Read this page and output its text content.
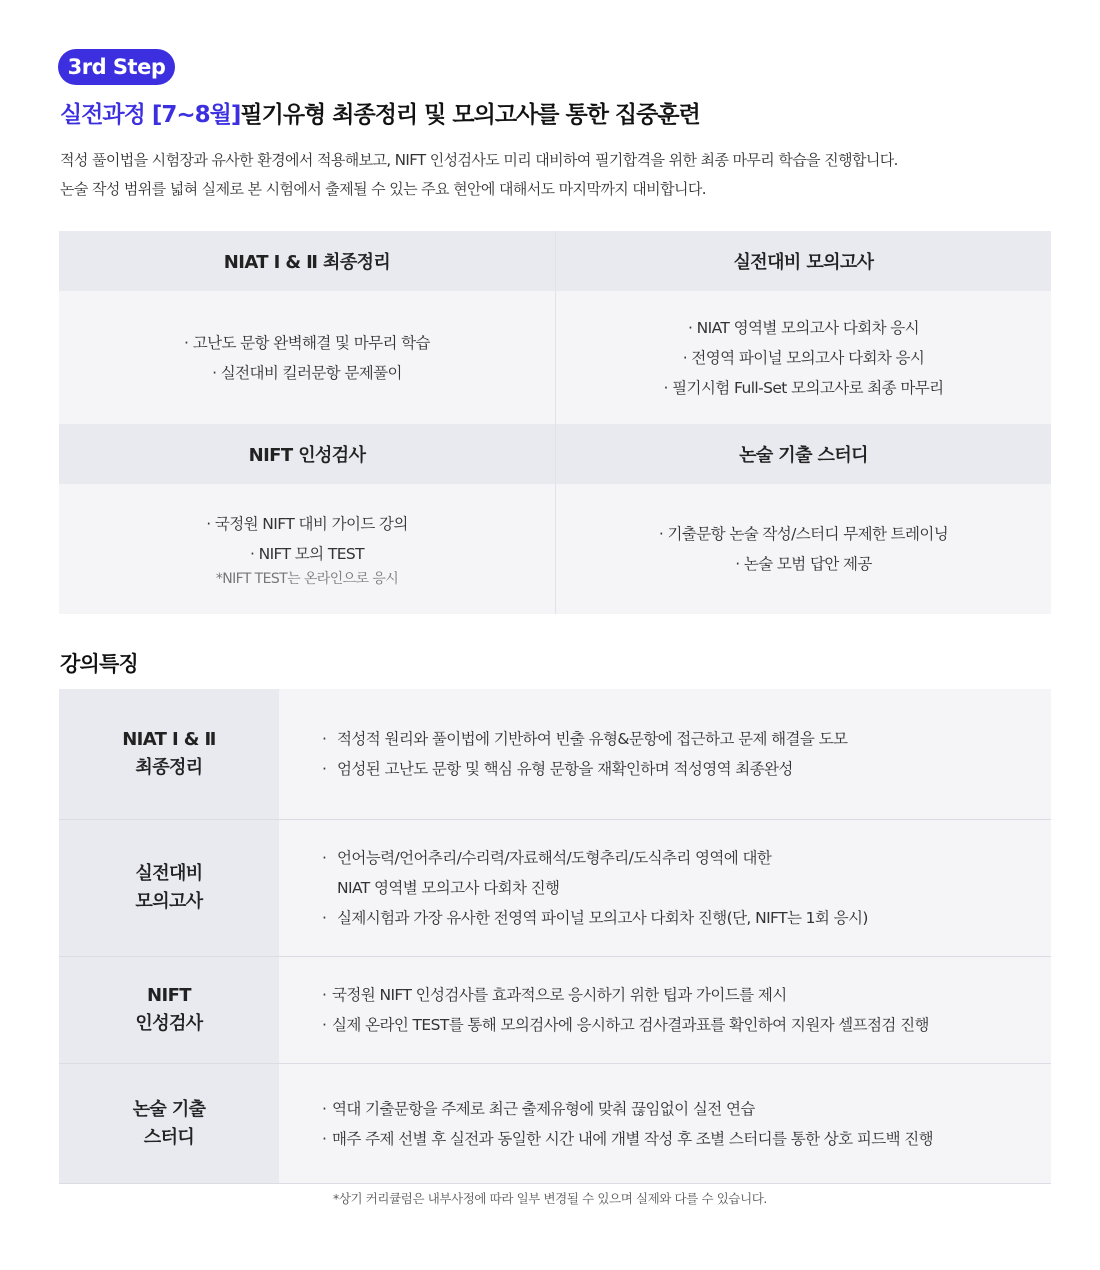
3rd Step
실전과정 [7~8월]필기유형 최종정리 및 모의고사를 통한 집중훈련

적성 풀이법을 시험장과 유사한 환경에서 적용해보고, NIFT 인성검사도 미리 대비하여 필기합격을 위한 최종 마무리 학습을 진행합니다.

논술 작성 범위를 넓혀 실제로 본 시험에서 출제될 수 있는 주요 현안에 대해서도 마지막까지 대비합니다.

NIAT Ⅰ & Ⅱ 최종정리
· 고난도 문항 완벽해결 및 마무리 학습
· 실전대비 킬러문항 문제풀이
실전대비 모의고사
· NIAT 영역별 모의고사 다회차 응시
· 전영역 파이널 모의고사 다회차 응시
· 필기시험 Full-Set 모의고사로 최종 마무리
NIFT 인성검사
· 국정원 NIFT 대비 가이드 강의
· NIFT 모의 TEST
*NIFT TEST는 온라인으로 응시
논술 기출 스터디
· 기출문항 논술 작성/스터디 무제한 트레이닝
· 논술 모범 답안 제공
강의특징
NIAT Ⅰ & Ⅱ
최종정리
· 적성적 원리와 풀이법에 기반하여 빈출 유형&문항에 접근하고 문제 해결을 도모
· 엄성된 고난도 문항 및 핵심 유형 문항을 재확인하며 적성영역 최종완성
실전대비
모의고사
· 언어능력/언어추리/수리력/자료해석/도형추리/도식추리 영역에 대한
NIAT 영역별 모의고사 다회차 진행
· 실제시험과 가장 유사한 전영역 파이널 모의고사 다회차 진행(단, NIFT는 1회 응시)
NIFT
인성검사
· 국정원 NIFT 인성검사를 효과적으로 응시하기 위한 팁과 가이드를 제시
· 실제 온라인 TEST를 통해 모의검사에 응시하고 검사결과표를 확인하여 지원자 셀프점검 진행
논술 기출
스터디
· 역대 기출문항을 주제로 최근 출제유형에 맞춰 끊임없이 실전 연습
· 매주 주제 선별 후 실전과 동일한 시간 내에 개별 작성 후 조별 스터디를 통한 상호 피드백 진행

*상기 커리큘럼은 내부사정에 따라 일부 변경될 수 있으며 실제와 다를 수 있습니다.
